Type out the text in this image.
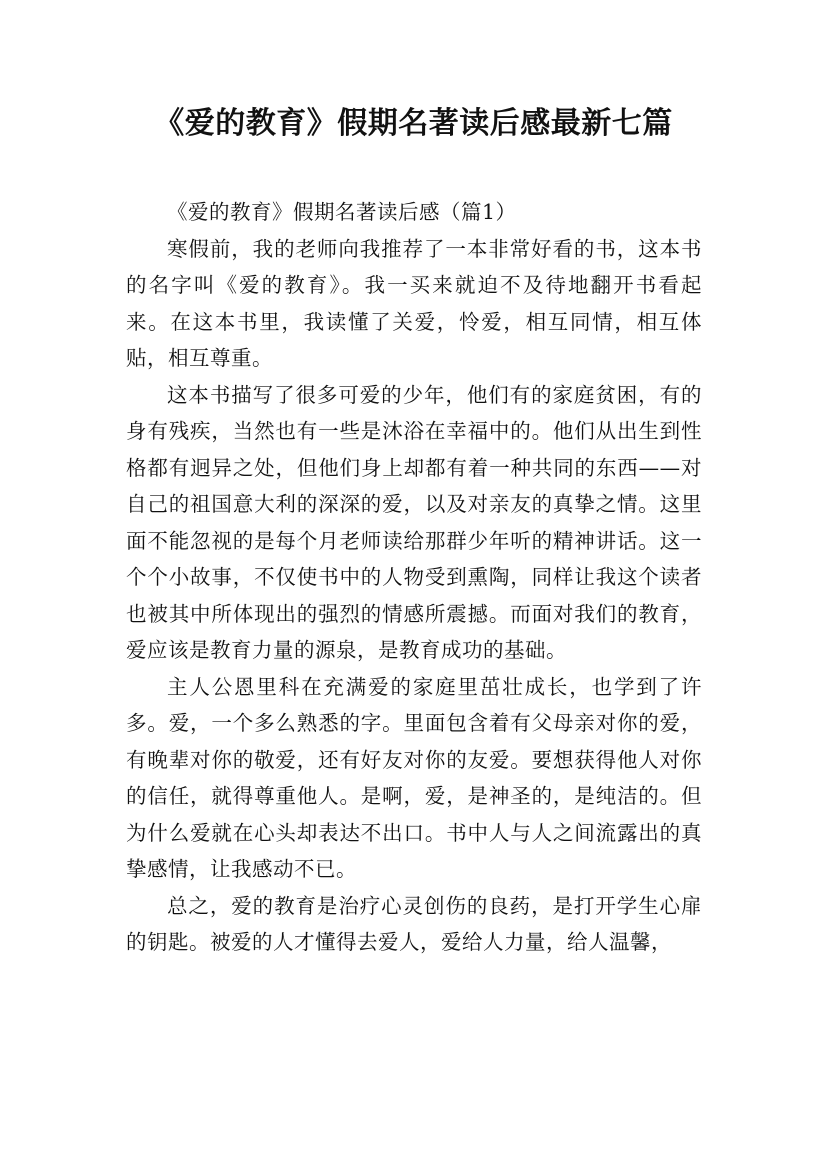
《爱的教育》假期名著读后感最新七篇

《爱的教育》假期名著读后感（篇1）

寒假前，我的老师向我推荐了一本非常好看的书，这本书的名字叫《爱的教育》。我一买来就迫不及待地翻开书看起来。在这本书里，我读懂了关爱，怜爱，相互同情，相互体贴，相互尊重。

这本书描写了很多可爱的少年，他们有的家庭贫困，有的身有残疾，当然也有一些是沐浴在幸福中的。他们从出生到性格都有迥异之处，但他们身上却都有着一种共同的东西——对自己的祖国意大利的深深的爱，以及对亲友的真挚之情。这里面不能忽视的是每个月老师读给那群少年听的精神讲话。这一个个小故事，不仅使书中的人物受到熏陶，同样让我这个读者也被其中所体现出的强烈的情感所震撼。而面对我们的教育，爱应该是教育力量的源泉，是教育成功的基础。

主人公恩里科在充满爱的家庭里茁壮成长，也学到了许多。爱，一个多么熟悉的字。里面包含着有父母亲对你的爱，有晚辈对你的敬爱，还有好友对你的友爱。要想获得他人对你的信任，就得尊重他人。是啊，爱，是神圣的，是纯洁的。但为什么爱就在心头却表达不出口。书中人与人之间流露出的真挚感情，让我感动不已。

总之，爱的教育是治疗心灵创伤的良药，是打开学生心扉的钥匙。被爱的人才懂得去爱人，爱给人力量，给人温馨，
